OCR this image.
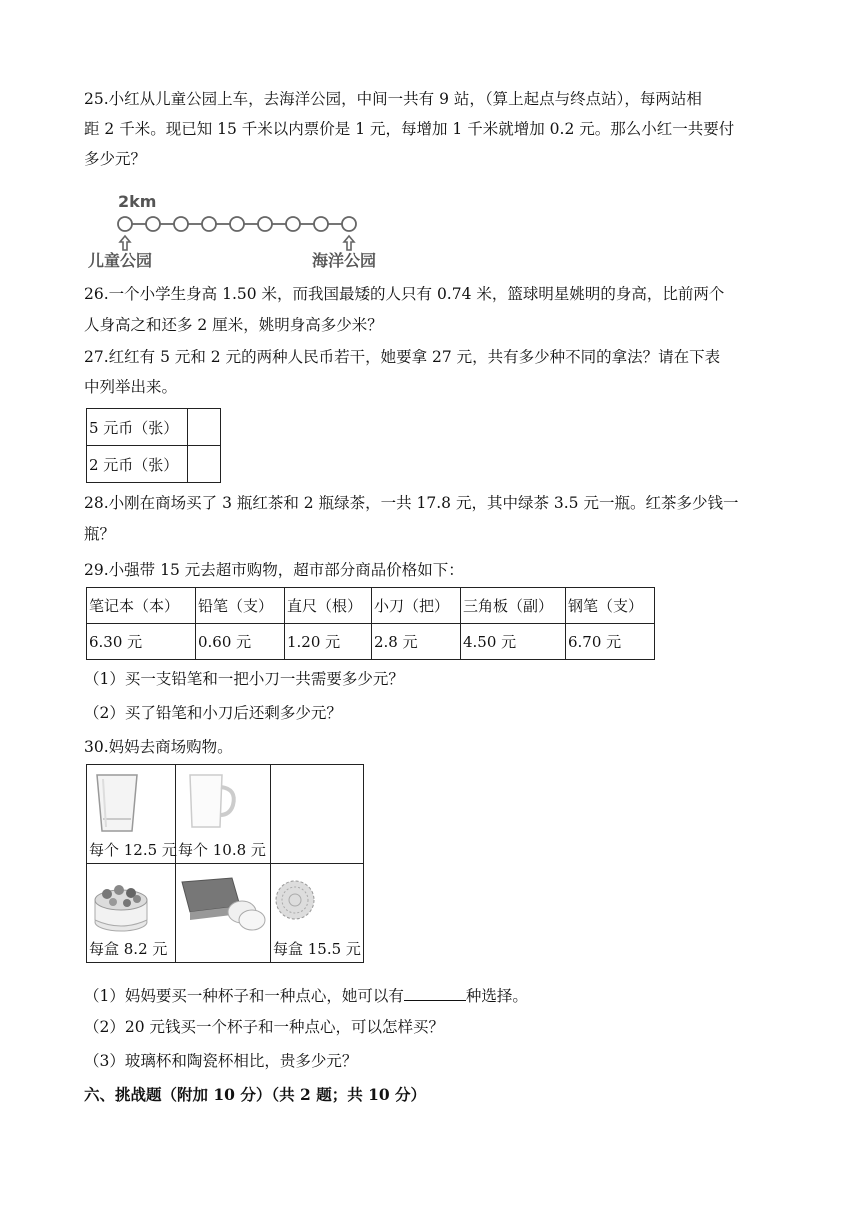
25.小红从儿童公园上车，去海洋公园，中间一共有 9 站，（算上起点与终点站），每两站相
距 2 千米。现已知 15 千米以内票价是 1 元，每增加 1 千米就增加 0.2 元。那么小红一共要付
多少元？
2km
儿童公园	海洋公园
26.一个小学生身高 1.50 米，而我国最矮的人只有 0.74 米，篮球明星姚明的身高，比前两个
人身高之和还多 2 厘米，姚明身高多少米？
27.红红有 5 元和 2 元的两种人民币若干，她要拿 27 元，共有多少种不同的拿法？请在下表
中列举出来。
5 元币（张）	
2 元币（张）	
28.小刚在商场买了 3 瓶红茶和 2 瓶绿茶，一共 17.8 元，其中绿茶 3.5 元一瓶。红茶多少钱一
瓶？
29.小强带 15 元去超市购物，超市部分商品价格如下：
笔记本（本）	铅笔（支）	直尺（根）	小刀（把）	三角板（副）	钢笔（支）
6.30 元	0.60 元	1.20 元	2.8 元	4.50 元	6.70 元
（1）买一支铅笔和一把小刀一共需要多少元？
（2）买了铅笔和小刀后还剩多少元？
30.妈妈去商场购物。
每个 12.5 元	每个 10.8 元	

每盒 8.2 元		每盒 15.5 元
（1）妈妈要买一种杯子和一种点心，她可以有	种选择。
（2）20 元钱买一个杯子和一种点心，可以怎样买？
（3）玻璃杯和陶瓷杯相比，贵多少元？
六、挑战题（附加 10 分）（共 2 题；共 10 分）
